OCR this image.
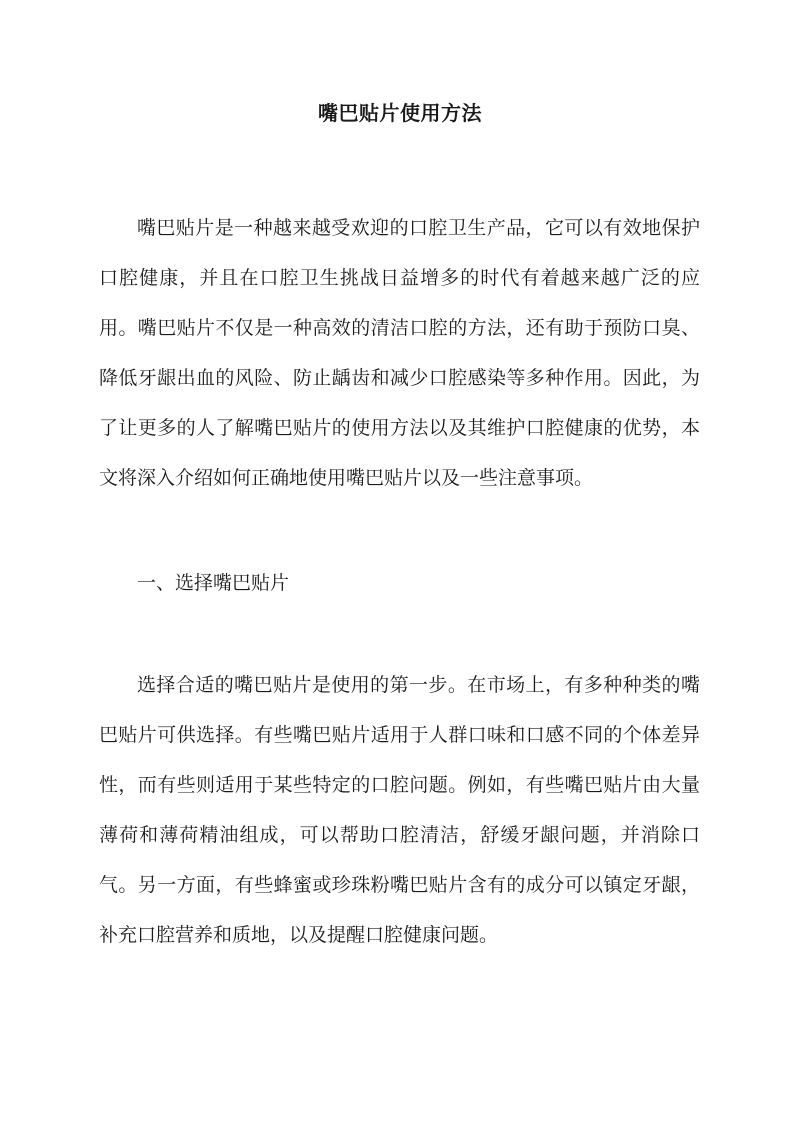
嘴巴贴片使用方法

嘴巴贴片是一种越来越受欢迎的口腔卫生产品，它可以有效地保护口腔健康，并且在口腔卫生挑战日益增多的时代有着越来越广泛的应用。嘴巴贴片不仅是一种高效的清洁口腔的方法，还有助于预防口臭、降低牙龈出血的风险、防止龋齿和减少口腔感染等多种作用。因此，为了让更多的人了解嘴巴贴片的使用方法以及其维护口腔健康的优势，本文将深入介绍如何正确地使用嘴巴贴片以及一些注意事项。

一、选择嘴巴贴片

选择合适的嘴巴贴片是使用的第一步。在市场上，有多种种类的嘴巴贴片可供选择。有些嘴巴贴片适用于人群口味和口感不同的个体差异性，而有些则适用于某些特定的口腔问题。例如，有些嘴巴贴片由大量薄荷和薄荷精油组成，可以帮助口腔清洁，舒缓牙龈问题，并消除口气。另一方面，有些蜂蜜或珍珠粉嘴巴贴片含有的成分可以镇定牙龈，补充口腔营养和质地，以及提醒口腔健康问题。
